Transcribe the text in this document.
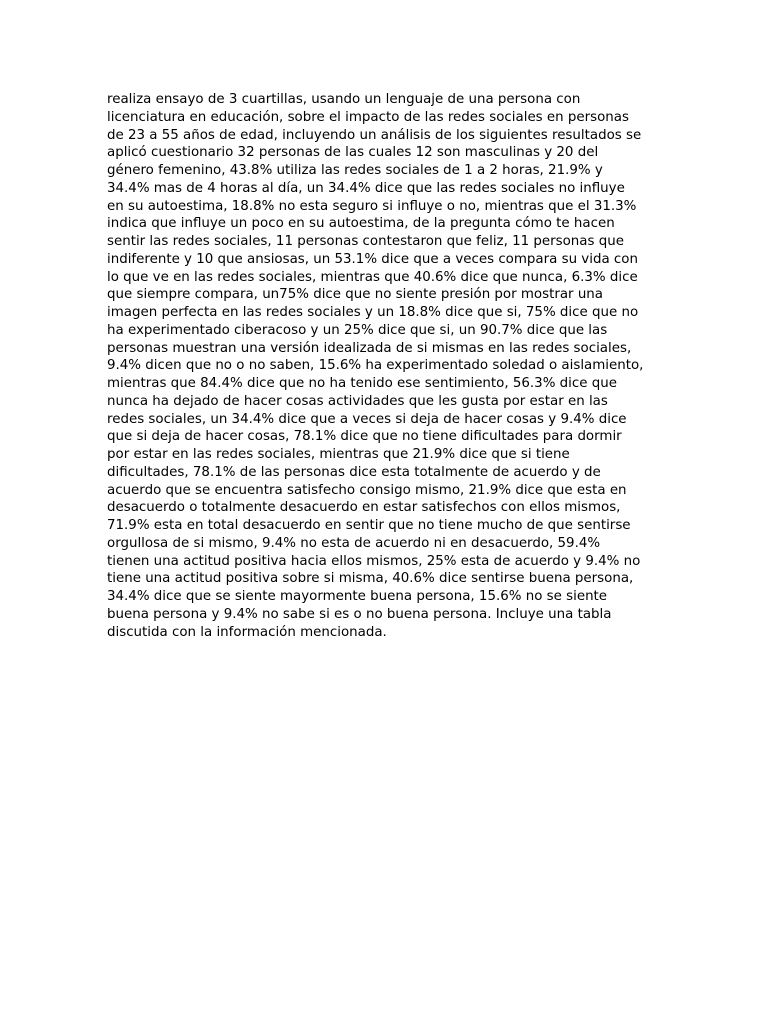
realiza ensayo de 3 cuartillas, usando un lenguaje de una persona con
licenciatura en educación, sobre el impacto de las redes sociales en personas
de 23 a 55 años de edad, incluyendo un análisis de los siguientes resultados se
aplicó cuestionario 32 personas de las cuales 12 son masculinas y 20 del
género femenino, 43.8% utiliza las redes sociales de 1 a 2 horas, 21.9% y
34.4% mas de 4 horas al día, un 34.4% dice que las redes sociales no influye
en su autoestima, 18.8% no esta seguro si influye o no, mientras que el 31.3%
indica que influye un poco en su autoestima, de la pregunta cómo te hacen
sentir las redes sociales, 11 personas contestaron que feliz, 11 personas que
indiferente y 10 que ansiosas, un 53.1% dice que a veces compara su vida con
lo que ve en las redes sociales, mientras que 40.6% dice que nunca, 6.3% dice
que siempre compara, un75% dice que no siente presión por mostrar una
imagen perfecta en las redes sociales y un 18.8% dice que si, 75% dice que no
ha experimentado ciberacoso y un 25% dice que si, un 90.7% dice que las
personas muestran una versión idealizada de si mismas en las redes sociales,
9.4% dicen que no o no saben, 15.6% ha experimentado soledad o aislamiento,
mientras que 84.4% dice que no ha tenido ese sentimiento, 56.3% dice que
nunca ha dejado de hacer cosas actividades que les gusta por estar en las
redes sociales, un 34.4% dice que a veces si deja de hacer cosas y 9.4% dice
que si deja de hacer cosas, 78.1% dice que no tiene dificultades para dormir
por estar en las redes sociales, mientras que 21.9% dice que si tiene
dificultades, 78.1% de las personas dice esta totalmente de acuerdo y de
acuerdo que se encuentra satisfecho consigo mismo, 21.9% dice que esta en
desacuerdo o totalmente desacuerdo en estar satisfechos con ellos mismos,
71.9% esta en total desacuerdo en sentir que no tiene mucho de que sentirse
orgullosa de si mismo, 9.4% no esta de acuerdo ni en desacuerdo, 59.4%
tienen una actitud positiva hacia ellos mismos, 25% esta de acuerdo y 9.4% no
tiene una actitud positiva sobre si misma, 40.6% dice sentirse buena persona,
34.4% dice que se siente mayormente buena persona, 15.6% no se siente
buena persona y 9.4% no sabe si es o no buena persona. Incluye una tabla
discutida con la información mencionada.
